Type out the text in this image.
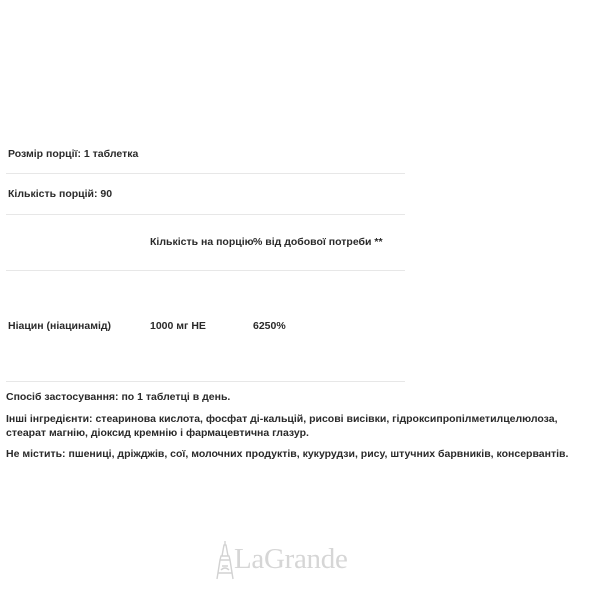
Розмір порції: 1 таблетка
Кількість порцій: 90
Кількість на порцію % від добової потреби **
Ніацин (ніацинамід)	1000 мг НЕ	6250%
Спосіб застосування: по 1 таблетці в день.
Інші інгредієнти: стеаринова кислота, фосфат ді-кальцій, рисові висівки, гідроксипропілметилцелюлоза, стеарат магнію, діоксид кремнію і фармацевтична глазур.
Не містить: пшениці, дріжджів, сої, молочних продуктів, кукурудзи, рису, штучних барвників, консервантів.
LaGrande
